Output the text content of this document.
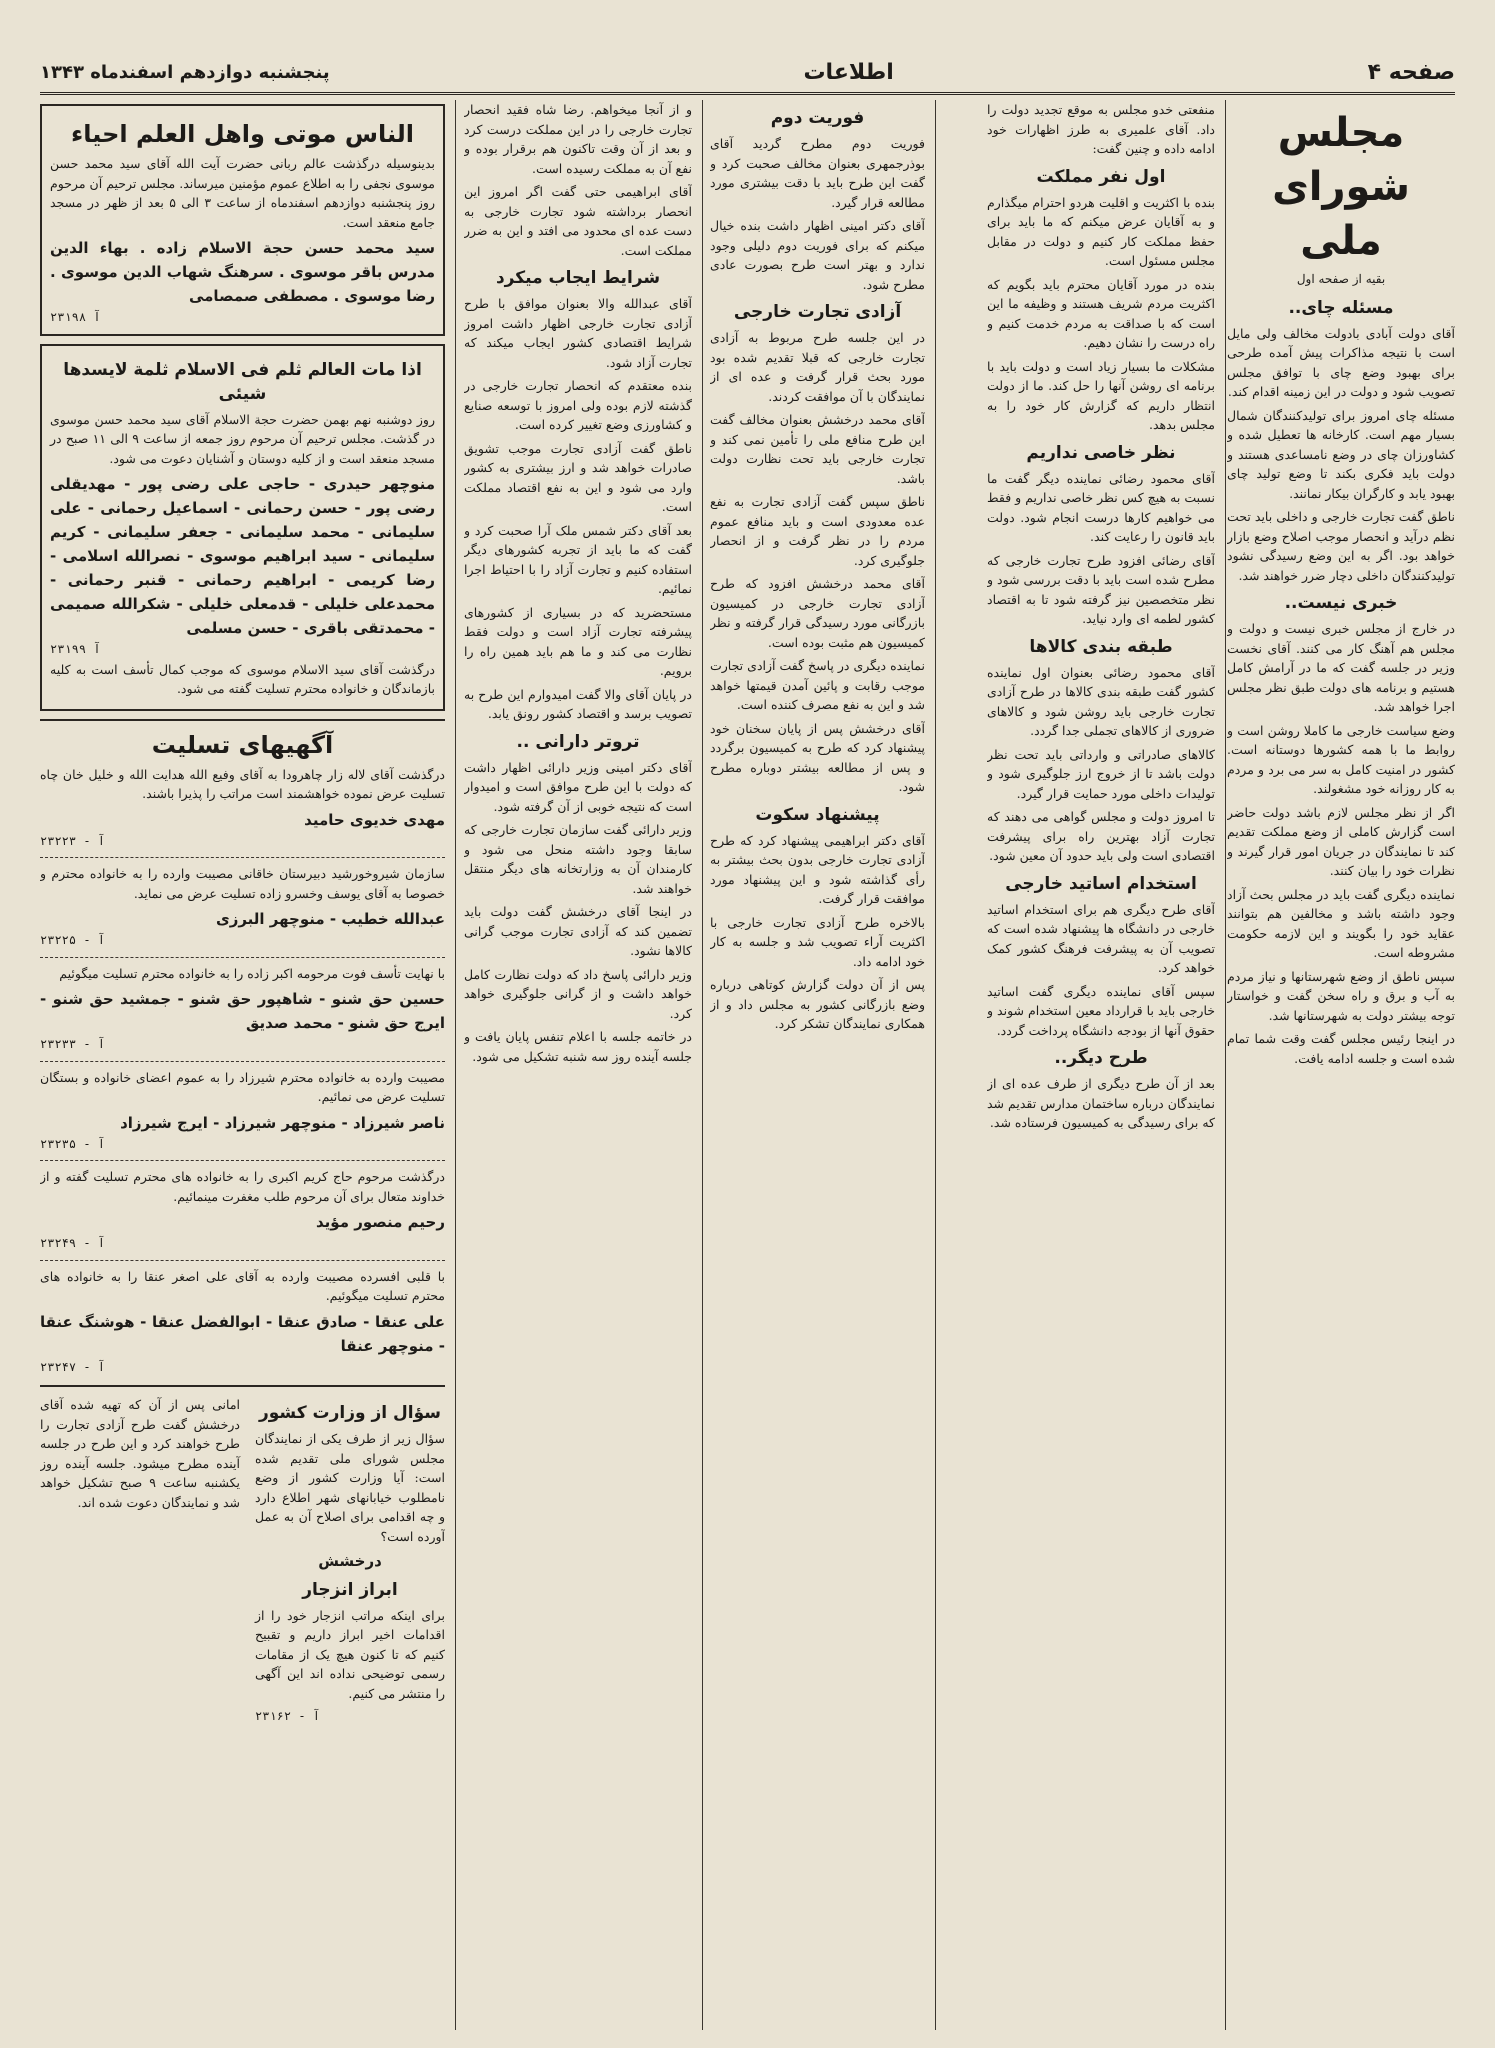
صفحه ۴
اطلاعات
پنجشنبه دوازدهم اسفندماه ۱۳۴۳
مجلس شورای ملی
بقیه از صفحه اول
مسئله چای..

آقای دولت آبادی بادولت مخالف ولی مایل است با نتیجه مذاکرات پیش آمده طرحی برای بهبود وضع چای با توافق مجلس تصویب شود و دولت در این زمینه اقدام کند.

مسئله چای امروز برای تولیدکنندگان شمال بسیار مهم است. کارخانه ها تعطیل شده و کشاورزان چای در وضع نامساعدی هستند و دولت باید فکری بکند تا وضع تولید چای بهبود یابد و کارگران بیکار نمانند.

ناطق گفت تجارت خارجی و داخلی باید تحت نظم درآید و انحصار موجب اصلاح وضع بازار خواهد بود. اگر به این وضع رسیدگی نشود تولیدکنندگان داخلی دچار ضرر خواهند شد.

خبری نیست..

در خارج از مجلس خبری نیست و دولت و مجلس هم آهنگ کار می کنند. آقای نخست وزیر در جلسه گفت که ما در آرامش کامل هستیم و برنامه های دولت طبق نظر مجلس اجرا خواهد شد.

وضع سیاست خارجی ما کاملا روشن است و روابط ما با همه کشورها دوستانه است. کشور در امنیت کامل به سر می برد و مردم به کار روزانه خود مشغولند.

اگر از نظر مجلس لازم باشد دولت حاضر است گزارش کاملی از وضع مملکت تقدیم کند تا نمایندگان در جریان امور قرار گیرند و نظرات خود را بیان کنند.

نماینده دیگری گفت باید در مجلس بحث آزاد وجود داشته باشد و مخالفین هم بتوانند عقاید خود را بگویند و این لازمه حکومت مشروطه است.

سپس ناطق از وضع شهرستانها و نیاز مردم به آب و برق و راه سخن گفت و خواستار توجه بیشتر دولت به شهرستانها شد.

در اینجا رئیس مجلس گفت وقت شما تمام شده است و جلسه ادامه یافت.

منفعتی خدو مجلس به موقع تجدید دولت را داد. آقای علمیری به طرز اظهارات خود ادامه داده و چنین گفت:

اول نفر مملکت

بنده با اکثریت و اقلیت هردو احترام میگذارم و به آقایان عرض میکنم که ما باید برای حفظ مملکت کار کنیم و دولت در مقابل مجلس مسئول است.

بنده در مورد آقایان محترم باید بگویم که اکثریت مردم شریف هستند و وظیفه ما این است که با صداقت به مردم خدمت کنیم و راه درست را نشان دهیم.

مشکلات ما بسیار زیاد است و دولت باید با برنامه ای روشن آنها را حل کند. ما از دولت انتظار داریم که گزارش کار خود را به مجلس بدهد.

نظر خاصی نداریم

آقای محمود رضائی نماینده دیگر گفت ما نسبت به هیچ کس نظر خاصی نداریم و فقط می خواهیم کارها درست انجام شود. دولت باید قانون را رعایت کند.

آقای رضائی افزود طرح تجارت خارجی که مطرح شده است باید با دقت بررسی شود و نظر متخصصین نیز گرفته شود تا به اقتصاد کشور لطمه ای وارد نیاید.

طبقه بندی کالاها

آقای محمود رضائی بعنوان اول نماینده کشور گفت طبقه بندی کالاها در طرح آزادی تجارت خارجی باید روشن شود و کالاهای ضروری از کالاهای تجملی جدا گردد.

کالاهای صادراتی و وارداتی باید تحت نظر دولت باشد تا از خروج ارز جلوگیری شود و تولیدات داخلی مورد حمایت قرار گیرد.

تا امروز دولت و مجلس گواهی می دهند که تجارت آزاد بهترین راه برای پیشرفت اقتصادی است ولی باید حدود آن معین شود.

استخدام اساتید خارجی

آقای طرح دیگری هم برای استخدام اساتید خارجی در دانشگاه ها پیشنهاد شده است که تصویب آن به پیشرفت فرهنگ کشور کمک خواهد کرد.

سپس آقای نماینده دیگری گفت اساتید خارجی باید با قرارداد معین استخدام شوند و حقوق آنها از بودجه دانشگاه پرداخت گردد.

طرح دیگر..

بعد از آن طرح دیگری از طرف عده ای از نمایندگان درباره ساختمان مدارس تقدیم شد که برای رسیدگی به کمیسیون فرستاده شد.

فوریت دوم

فوریت دوم مطرح گردید آقای بوذرجمهری بعنوان مخالف صحبت کرد و گفت این طرح باید با دقت بیشتری مورد مطالعه قرار گیرد.

آقای دکتر امینی اظهار داشت بنده خیال میکنم که برای فوریت دوم دلیلی وجود ندارد و بهتر است طرح بصورت عادی مطرح شود.

آزادی تجارت خارجی

در این جلسه طرح مربوط به آزادی تجارت خارجی که قبلا تقدیم شده بود مورد بحث قرار گرفت و عده ای از نمایندگان با آن موافقت کردند.

آقای محمد درخشش بعنوان مخالف گفت این طرح منافع ملی را تأمین نمی کند و تجارت خارجی باید تحت نظارت دولت باشد.

ناطق سپس گفت آزادی تجارت به نفع عده معدودی است و باید منافع عموم مردم را در نظر گرفت و از انحصار جلوگیری کرد.

آقای محمد درخشش افزود که طرح آزادی تجارت خارجی در کمیسیون بازرگانی مورد رسیدگی قرار گرفته و نظر کمیسیون هم مثبت بوده است.

نماینده دیگری در پاسخ گفت آزادی تجارت موجب رقابت و پائین آمدن قیمتها خواهد شد و این به نفع مصرف کننده است.

آقای درخشش پس از پایان سخنان خود پیشنهاد کرد که طرح به کمیسیون برگردد و پس از مطالعه بیشتر دوباره مطرح شود.

پیشنهاد سکوت

آقای دکتر ابراهیمی پیشنهاد کرد که طرح آزادی تجارت خارجی بدون بحث بیشتر به رأی گذاشته شود و این پیشنهاد مورد موافقت قرار گرفت.

بالاخره طرح آزادی تجارت خارجی با اکثریت آراء تصویب شد و جلسه به کار خود ادامه داد.

پس از آن دولت گزارش کوتاهی درباره وضع بازرگانی کشور به مجلس داد و از همکاری نمایندگان تشکر کرد.

و از آنجا میخواهم. رضا شاه فقید انحصار تجارت خارجی را در این مملکت درست کرد و بعد از آن وقت تاکنون هم برقرار بوده و نفع آن به مملکت رسیده است.

آقای ابراهیمی حتی گفت اگر امروز این انحصار برداشته شود تجارت خارجی به دست عده ای محدود می افتد و این به ضرر مملکت است.

شرایط ایجاب میکرد

آقای عبدالله والا بعنوان موافق با طرح آزادی تجارت خارجی اظهار داشت امروز شرایط اقتصادی کشور ایجاب میکند که تجارت آزاد شود.

بنده معتقدم که انحصار تجارت خارجی در گذشته لازم بوده ولی امروز با توسعه صنایع و کشاورزی وضع تغییر کرده است.

ناطق گفت آزادی تجارت موجب تشویق صادرات خواهد شد و ارز بیشتری به کشور وارد می شود و این به نفع اقتصاد مملکت است.

بعد آقای دکتر شمس ملک آرا صحبت کرد و گفت که ما باید از تجربه کشورهای دیگر استفاده کنیم و تجارت آزاد را با احتیاط اجرا نمائیم.

مستحضرید که در بسیاری از کشورهای پیشرفته تجارت آزاد است و دولت فقط نظارت می کند و ما هم باید همین راه را برویم.

در پایان آقای والا گفت امیدوارم این طرح به تصویب برسد و اقتصاد کشور رونق یابد.

تروتر دارانی ..

آقای دکتر امینی وزیر دارائی اظهار داشت که دولت با این طرح موافق است و امیدوار است که نتیجه خوبی از آن گرفته شود.

وزیر دارائی گفت سازمان تجارت خارجی که سابقا وجود داشته منحل می شود و کارمندان آن به وزارتخانه های دیگر منتقل خواهند شد.

در اینجا آقای درخشش گفت دولت باید تضمین کند که آزادی تجارت موجب گرانی کالاها نشود.

وزیر دارائی پاسخ داد که دولت نظارت کامل خواهد داشت و از گرانی جلوگیری خواهد کرد.

در خاتمه جلسه با اعلام تنفس پایان یافت و جلسه آینده روز سه شنبه تشکیل می شود.

الناس موتی واهل العلم احیاء

بدینوسیله درگذشت عالم ربانی حضرت آیت الله آقای سید محمد حسن موسوی نجفی را به اطلاع عموم مؤمنین میرساند. مجلس ترحیم آن مرحوم روز پنجشنبه دوازدهم اسفندماه از ساعت ۳ الی ۵ بعد از ظهر در مسجد جامع منعقد است.

سید محمد حسن حجة الاسلام زاده . بهاء الدین مدرس باقر موسوی . سرهنگ شهاب الدین موسوی . رضا موسوی . مصطفی صمصامی
آ ۲۳۱۹۸
اذا مات العالم ثلم فی الاسلام ثلمة لایسدها شیئی

روز دوشنبه نهم بهمن حضرت حجة الاسلام آقای سید محمد حسن موسوی در گذشت. مجلس ترحیم آن مرحوم روز جمعه از ساعت ۹ الی ۱۱ صبح در مسجد منعقد است و از کلیه دوستان و آشنایان دعوت می شود.

منوچهر حیدری - حاجی علی رضی پور - مهدیقلی رضی پور - حسن رحمانی - اسماعیل رحمانی - علی سلیمانی - محمد سلیمانی - جعفر سلیمانی - کریم سلیمانی - سید ابراهیم موسوی - نصرالله اسلامی - رضا کریمی - ابراهیم رحمانی - قنبر رحمانی - محمدعلی خلیلی - قدمعلی خلیلی - شکرالله صمیمی - محمدتقی باقری - حسن مسلمی
آ ۲۳۱۹۹

درگذشت آقای سید الاسلام موسوی که موجب کمال تأسف است به کلیه بازماندگان و خانواده محترم تسلیت گفته می شود.

آگهیهای تسلیت

درگذشت آقای لاله زار چاهرودا به آقای وفیع الله هدایت الله و خلیل خان چاه تسلیت عرض نموده خواهشمند است مراتب را پذیرا باشند.

مهدی خدیوی حامید
آ - ۲۳۲۲۳

سازمان شیروخورشید دبیرستان خاقانی مصیبت وارده را به خانواده محترم و خصوصا به آقای یوسف وخسرو زاده تسلیت عرض می نماید.

عبدالله خطیب - منوچهر البرزی
آ - ۲۳۲۲۵

با نهایت تأسف فوت مرحومه اکبر زاده را به خانواده محترم تسلیت میگوئیم

حسین حق شنو - شاهپور حق شنو - جمشید حق شنو - ایرج حق شنو - محمد صدیق
آ - ۲۳۲۳۳

مصیبت وارده به خانواده محترم شیرزاد را به عموم اعضای خانواده و بستگان تسلیت عرض می نمائیم.

ناصر شیرزاد - منوچهر شیرزاد - ایرج شیرزاد
آ - ۲۳۲۳۵

درگذشت مرحوم حاج کریم اکبری را به خانواده های محترم تسلیت گفته و از خداوند متعال برای آن مرحوم طلب مغفرت مینمائیم.

رحیم منصور مؤید
آ - ۲۳۲۴۹

با قلبی افسرده مصیبت وارده به آقای علی اصغر عنقا را به خانواده های محترم تسلیت میگوئیم.

علی عنقا - صادق عنقا - ابوالفضل عنقا - هوشنگ عنقا - منوچهر عنقا
آ - ۲۳۲۴۷
سؤال از وزارت کشور

سؤال زیر از طرف یکی از نمایندگان مجلس شورای ملی تقدیم شده است: آیا وزارت کشور از وضع نامطلوب خیابانهای شهر اطلاع دارد و چه اقدامی برای اصلاح آن به عمل آورده است؟

درخشش
ابراز انزجار

برای اینکه مراتب انزجار خود را از اقدامات اخیر ابراز داریم و تقبیح کنیم که تا کنون هیچ یک از مقامات رسمی توضیحی نداده اند این آگهی را منتشر می کنیم.

آ - ۲۳۱۶۲

امانی پس از آن که تهیه شده آقای درخشش گفت طرح آزادی تجارت را طرح خواهند کرد و این طرح در جلسه آینده مطرح میشود. جلسه آینده روز یکشنبه ساعت ۹ صبح تشکیل خواهد شد و نمایندگان دعوت شده اند.
